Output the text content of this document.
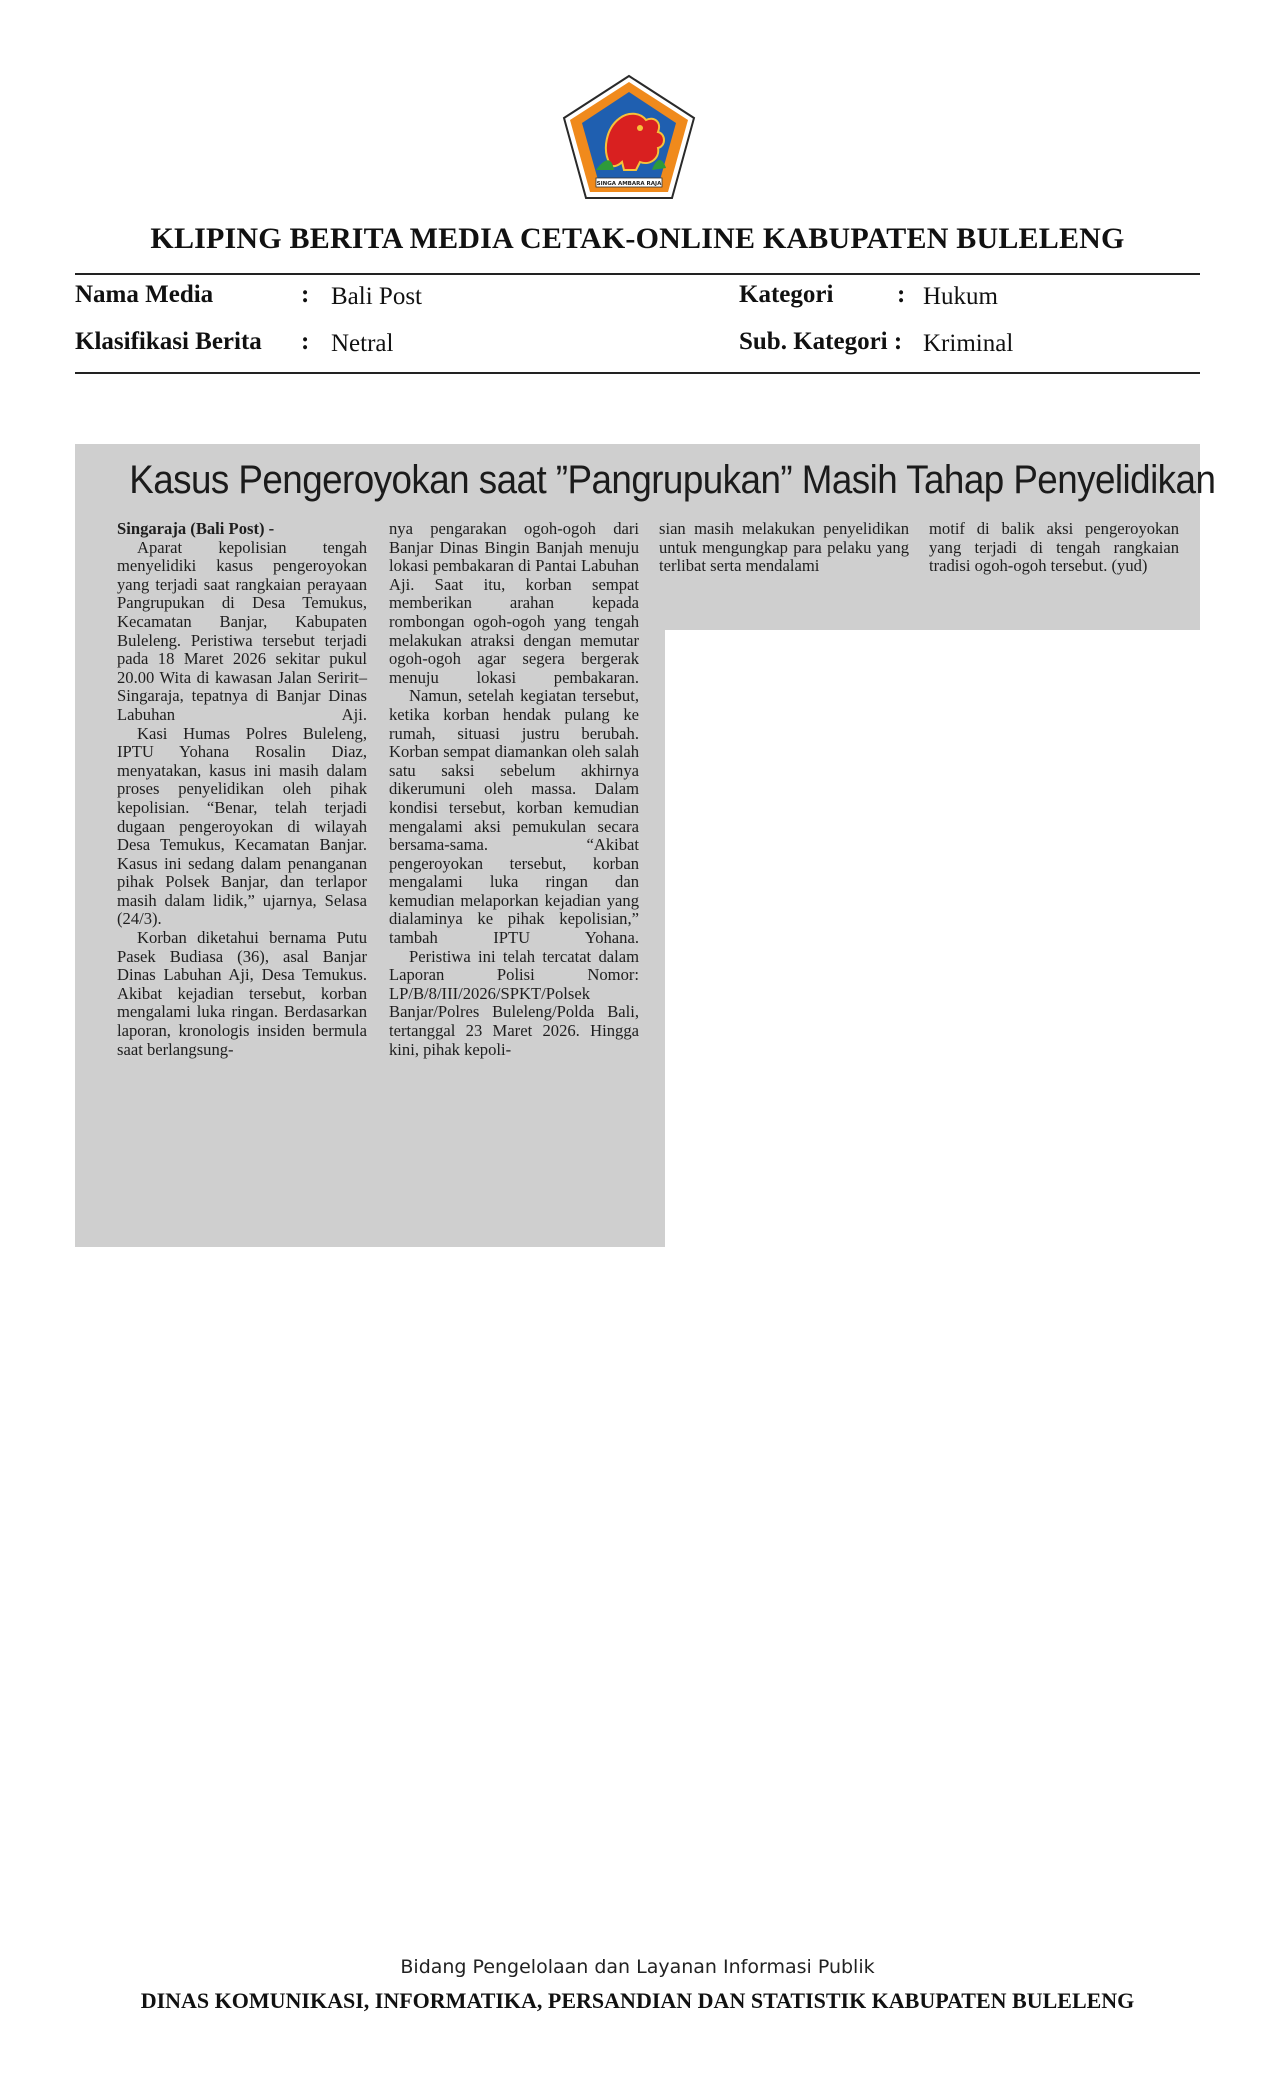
SINGA AMBARA RAJA
KLIPING BERITA MEDIA CETAK-ONLINE KABUPATEN BULELENG
Nama Media	: Bali Post	Kategori	: Hukum
Klasifikasi Berita : Netral	Sub. Kategori : Kriminal
Kasus Pengeroyokan saat ”Pangrupukan” Masih Tahap Penyelidikan

Singaraja (Bali Post) -

Aparat kepolisian tengah menyelidiki kasus pengeroyokan yang terjadi saat rangkaian perayaan Pangrupukan di Desa Temukus, Kecamatan Banjar, Kabupaten Buleleng. Peristiwa tersebut terjadi pada 18 Maret 2026 sekitar pukul 20.00 Wita di kawasan Jalan Seririt–Singaraja, tepatnya di Banjar Dinas Labuhan Aji.

Kasi Humas Polres Buleleng, IPTU Yohana Rosalin Diaz, menyatakan, kasus ini masih dalam proses penyelidikan oleh pihak kepolisian. “Benar, telah terjadi dugaan pengeroyokan di wilayah Desa Temukus, Kecamatan Banjar. Kasus ini sedang dalam penanganan pihak Polsek Banjar, dan terlapor masih dalam lidik,” ujarnya, Selasa (24/3).

Korban diketahui bernama Putu Pasek Budiasa (36), asal Banjar Dinas Labuhan Aji, Desa Temukus. Akibat kejadian tersebut, korban mengalami luka ringan. Berdasarkan laporan, kronologis insiden bermula saat berlangsung-

nya pengarakan ogoh-ogoh dari Banjar Dinas Bingin Banjah menuju lokasi pembakaran di Pantai Labuhan Aji. Saat itu, korban sempat memberikan arahan kepada rombongan ogoh-ogoh yang tengah melakukan atraksi dengan memutar ogoh-ogoh agar segera bergerak menuju lokasi pembakaran.

Namun, setelah kegiatan tersebut, ketika korban hendak pulang ke rumah, situasi justru berubah. Korban sempat diamankan oleh salah satu saksi sebelum akhirnya dikerumuni oleh massa. Dalam kondisi tersebut, korban kemudian mengalami aksi pemukulan secara bersama-sama. “Akibat pengeroyokan tersebut, korban mengalami luka ringan dan kemudian melaporkan kejadian yang dialaminya ke pihak kepolisian,” tambah IPTU Yohana.

Peristiwa ini telah tercatat dalam Laporan Polisi Nomor: LP/B/8/III/2026/SPKT/Polsek Banjar/Polres Buleleng/Polda Bali, tertanggal 23 Maret 2026. Hingga kini, pihak kepoli-

sian masih melakukan penyelidikan untuk mengungkap para pelaku yang terlibat serta mendalami

motif di balik aksi pengeroyokan yang terjadi di tengah rangkaian tradisi ogoh-ogoh tersebut. (yud)

Bidang Pengelolaan dan Layanan Informasi Publik
DINAS KOMUNIKASI, INFORMATIKA, PERSANDIAN DAN STATISTIK KABUPATEN BULELENG
